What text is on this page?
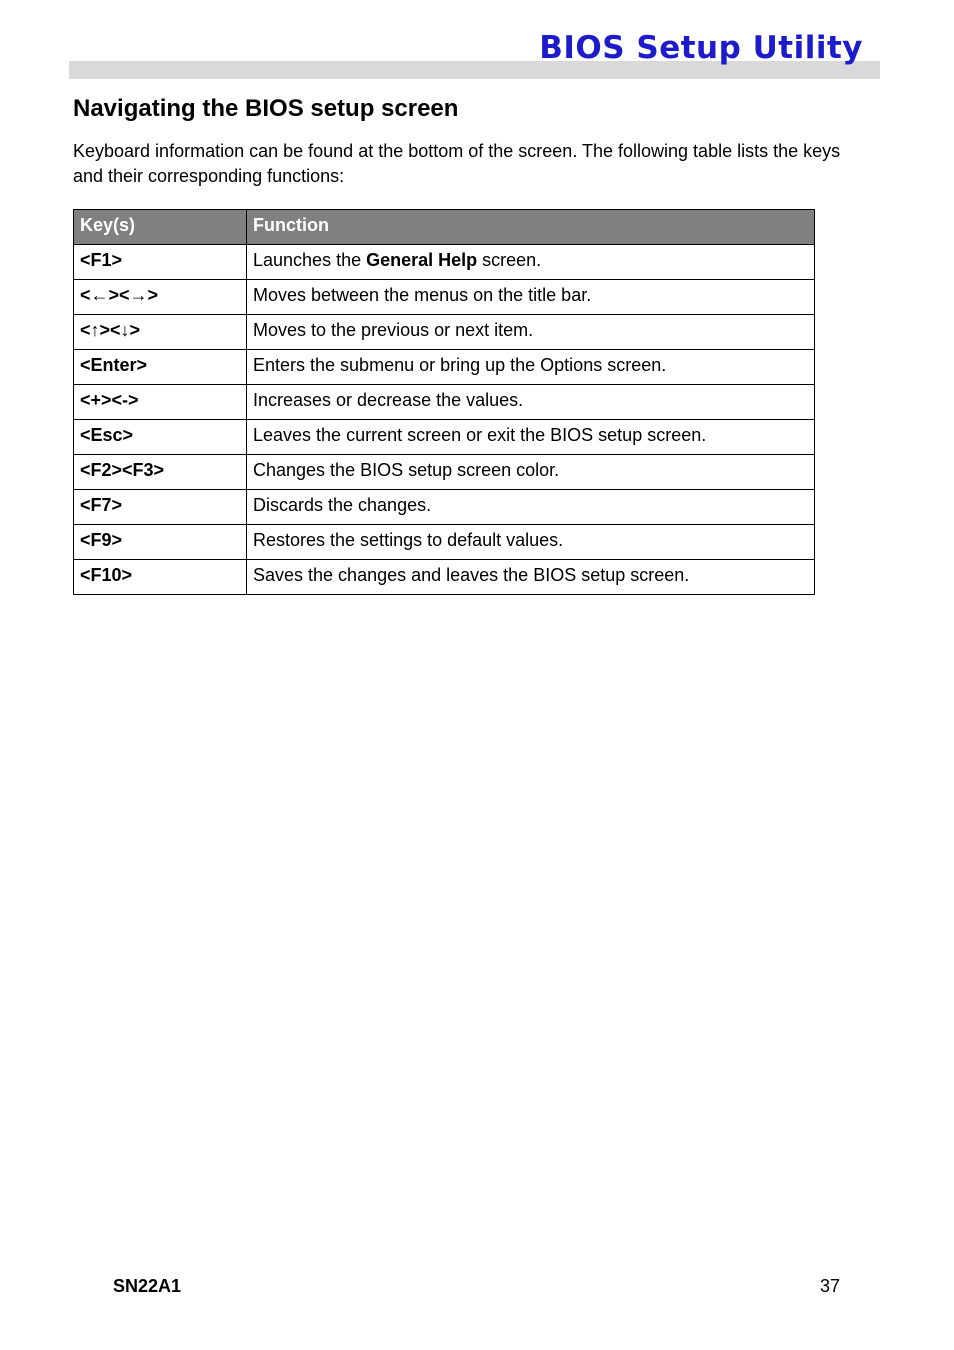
BIOS Setup Utility
Navigating the BIOS setup screen
Keyboard information can be found at the bottom of the screen. The following table lists the keys and their corresponding functions:
Key(s)	Function
<F1>	Launches the General Help screen.
<←><→>	Moves between the menus on the title bar.
<↑><↓>	Moves to the previous or next item.
<Enter>	Enters the submenu or bring up the Options screen.
<+><->	Increases or decrease the values.
<Esc>	Leaves the current screen or exit the BIOS setup screen.
<F2><F3>	Changes the BIOS setup screen color.
<F7>	Discards the changes.
<F9>	Restores the settings to default values.
<F10>	Saves the changes and leaves the BIOS setup screen.
SN22A1	37
